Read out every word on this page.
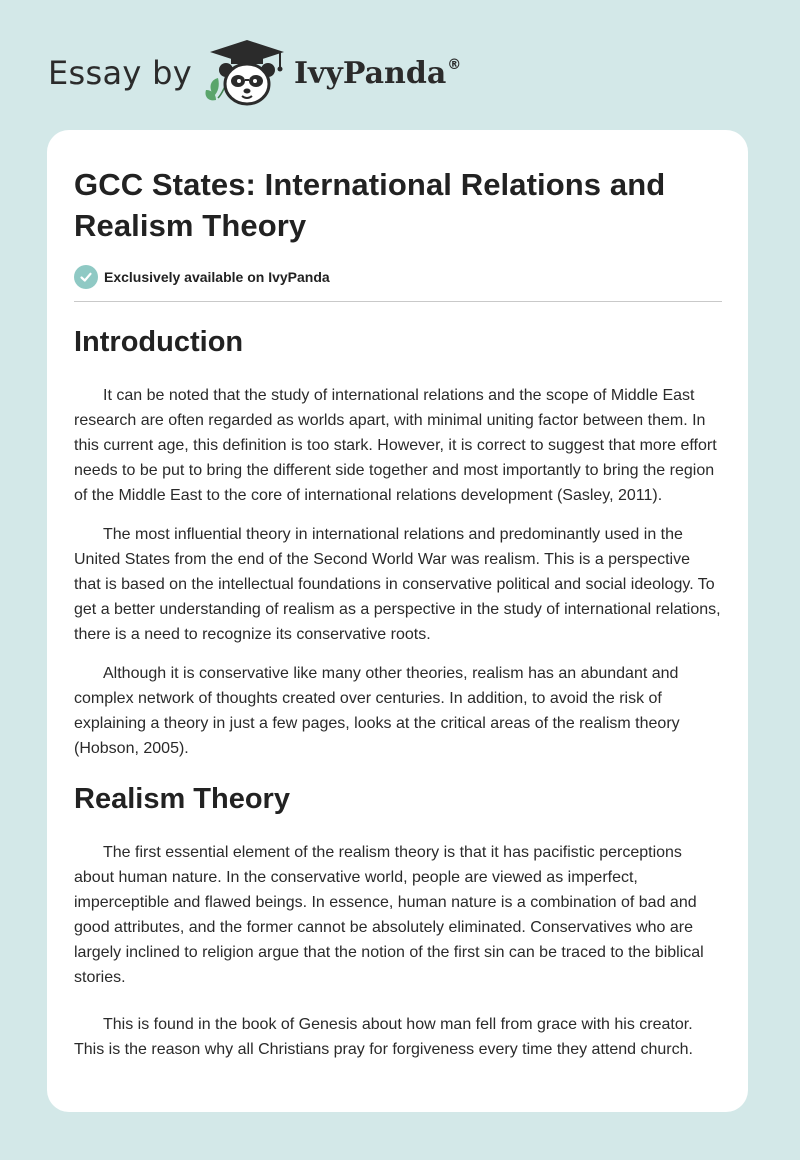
Essay by	IvyPanda®
GCC States: International Relations and Realism Theory
Exclusively available on IvyPanda
Introduction

It can be noted that the study of international relations and the scope of Middle East research are often regarded as worlds apart, with minimal uniting factor between them. In this current age, this definition is too stark. However, it is correct to suggest that more effort needs to be put to bring the different side together and most importantly to bring the region of the Middle East to the core of international relations development (Sasley, 2011).

The most influential theory in international relations and predominantly used in the United States from the end of the Second World War was realism. This is a perspective that is based on the intellectual foundations in conservative political and social ideology. To get a better understanding of realism as a perspective in the study of international relations, there is a need to recognize its conservative roots.

Although it is conservative like many other theories, realism has an abundant and complex network of thoughts created over centuries. In addition, to avoid the risk of explaining a theory in just a few pages, looks at the critical areas of the realism theory (Hobson, 2005).

Realism Theory

The first essential element of the realism theory is that it has pacifistic perceptions about human nature. In the conservative world, people are viewed as imperfect, imperceptible and flawed beings. In essence, human nature is a combination of bad and good attributes, and the former cannot be absolutely eliminated. Conservatives who are largely inclined to religion argue that the notion of the first sin can be traced to the biblical stories.

This is found in the book of Genesis about how man fell from grace with his creator. This is the reason why all Christians pray for forgiveness every time they attend church.
